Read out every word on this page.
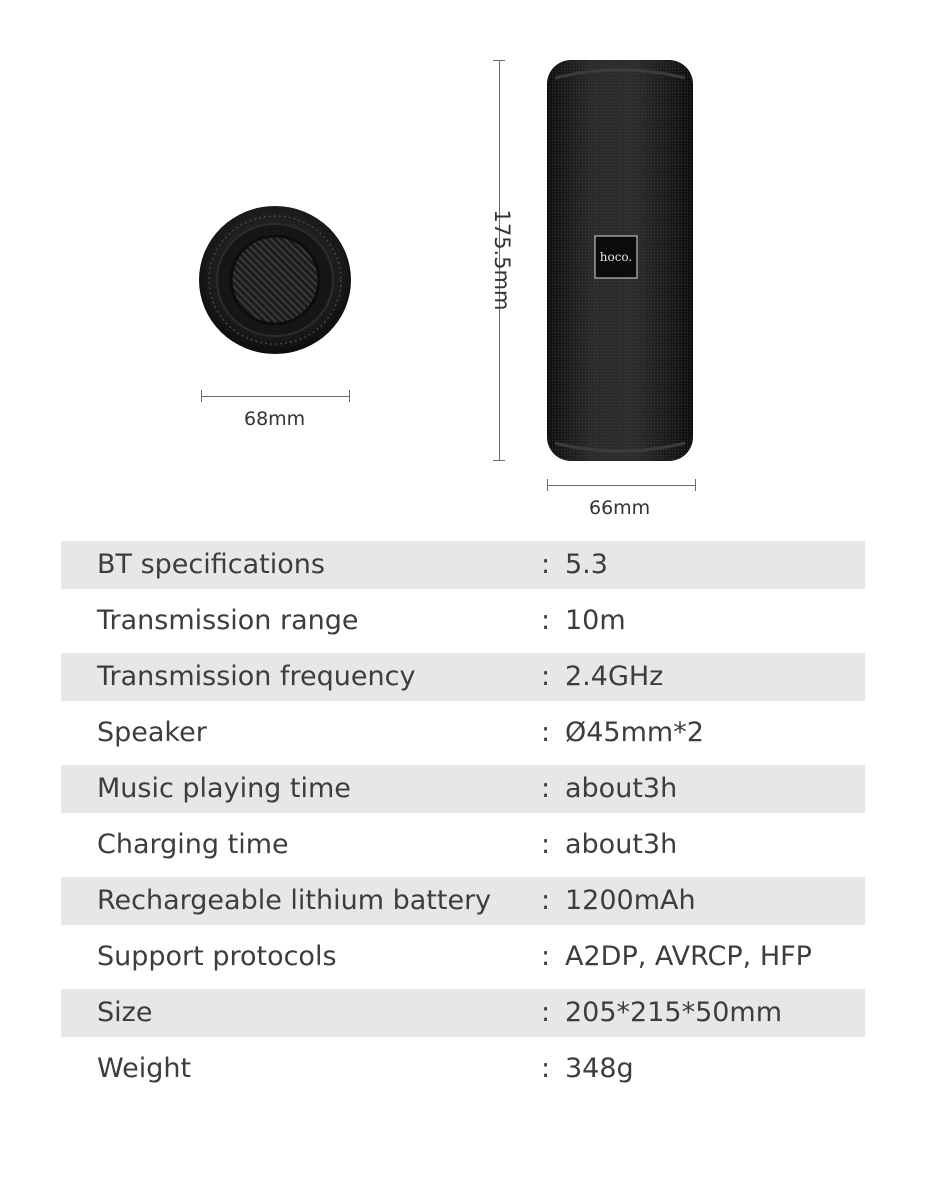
68mm
175.5mm	hoco.
66mm
BT specifications	: 5.3
Transmission range	: 10m
Transmission frequency	: 2.4GHz
Speaker	: Ø45mm*2
Music playing time	: about3h
Charging time	: about3h
Rechargeable lithium battery : 1200mAh
Support protocols	: A2DP, AVRCP, HFP
Size	: 205*215*50mm
Weight	: 348g
